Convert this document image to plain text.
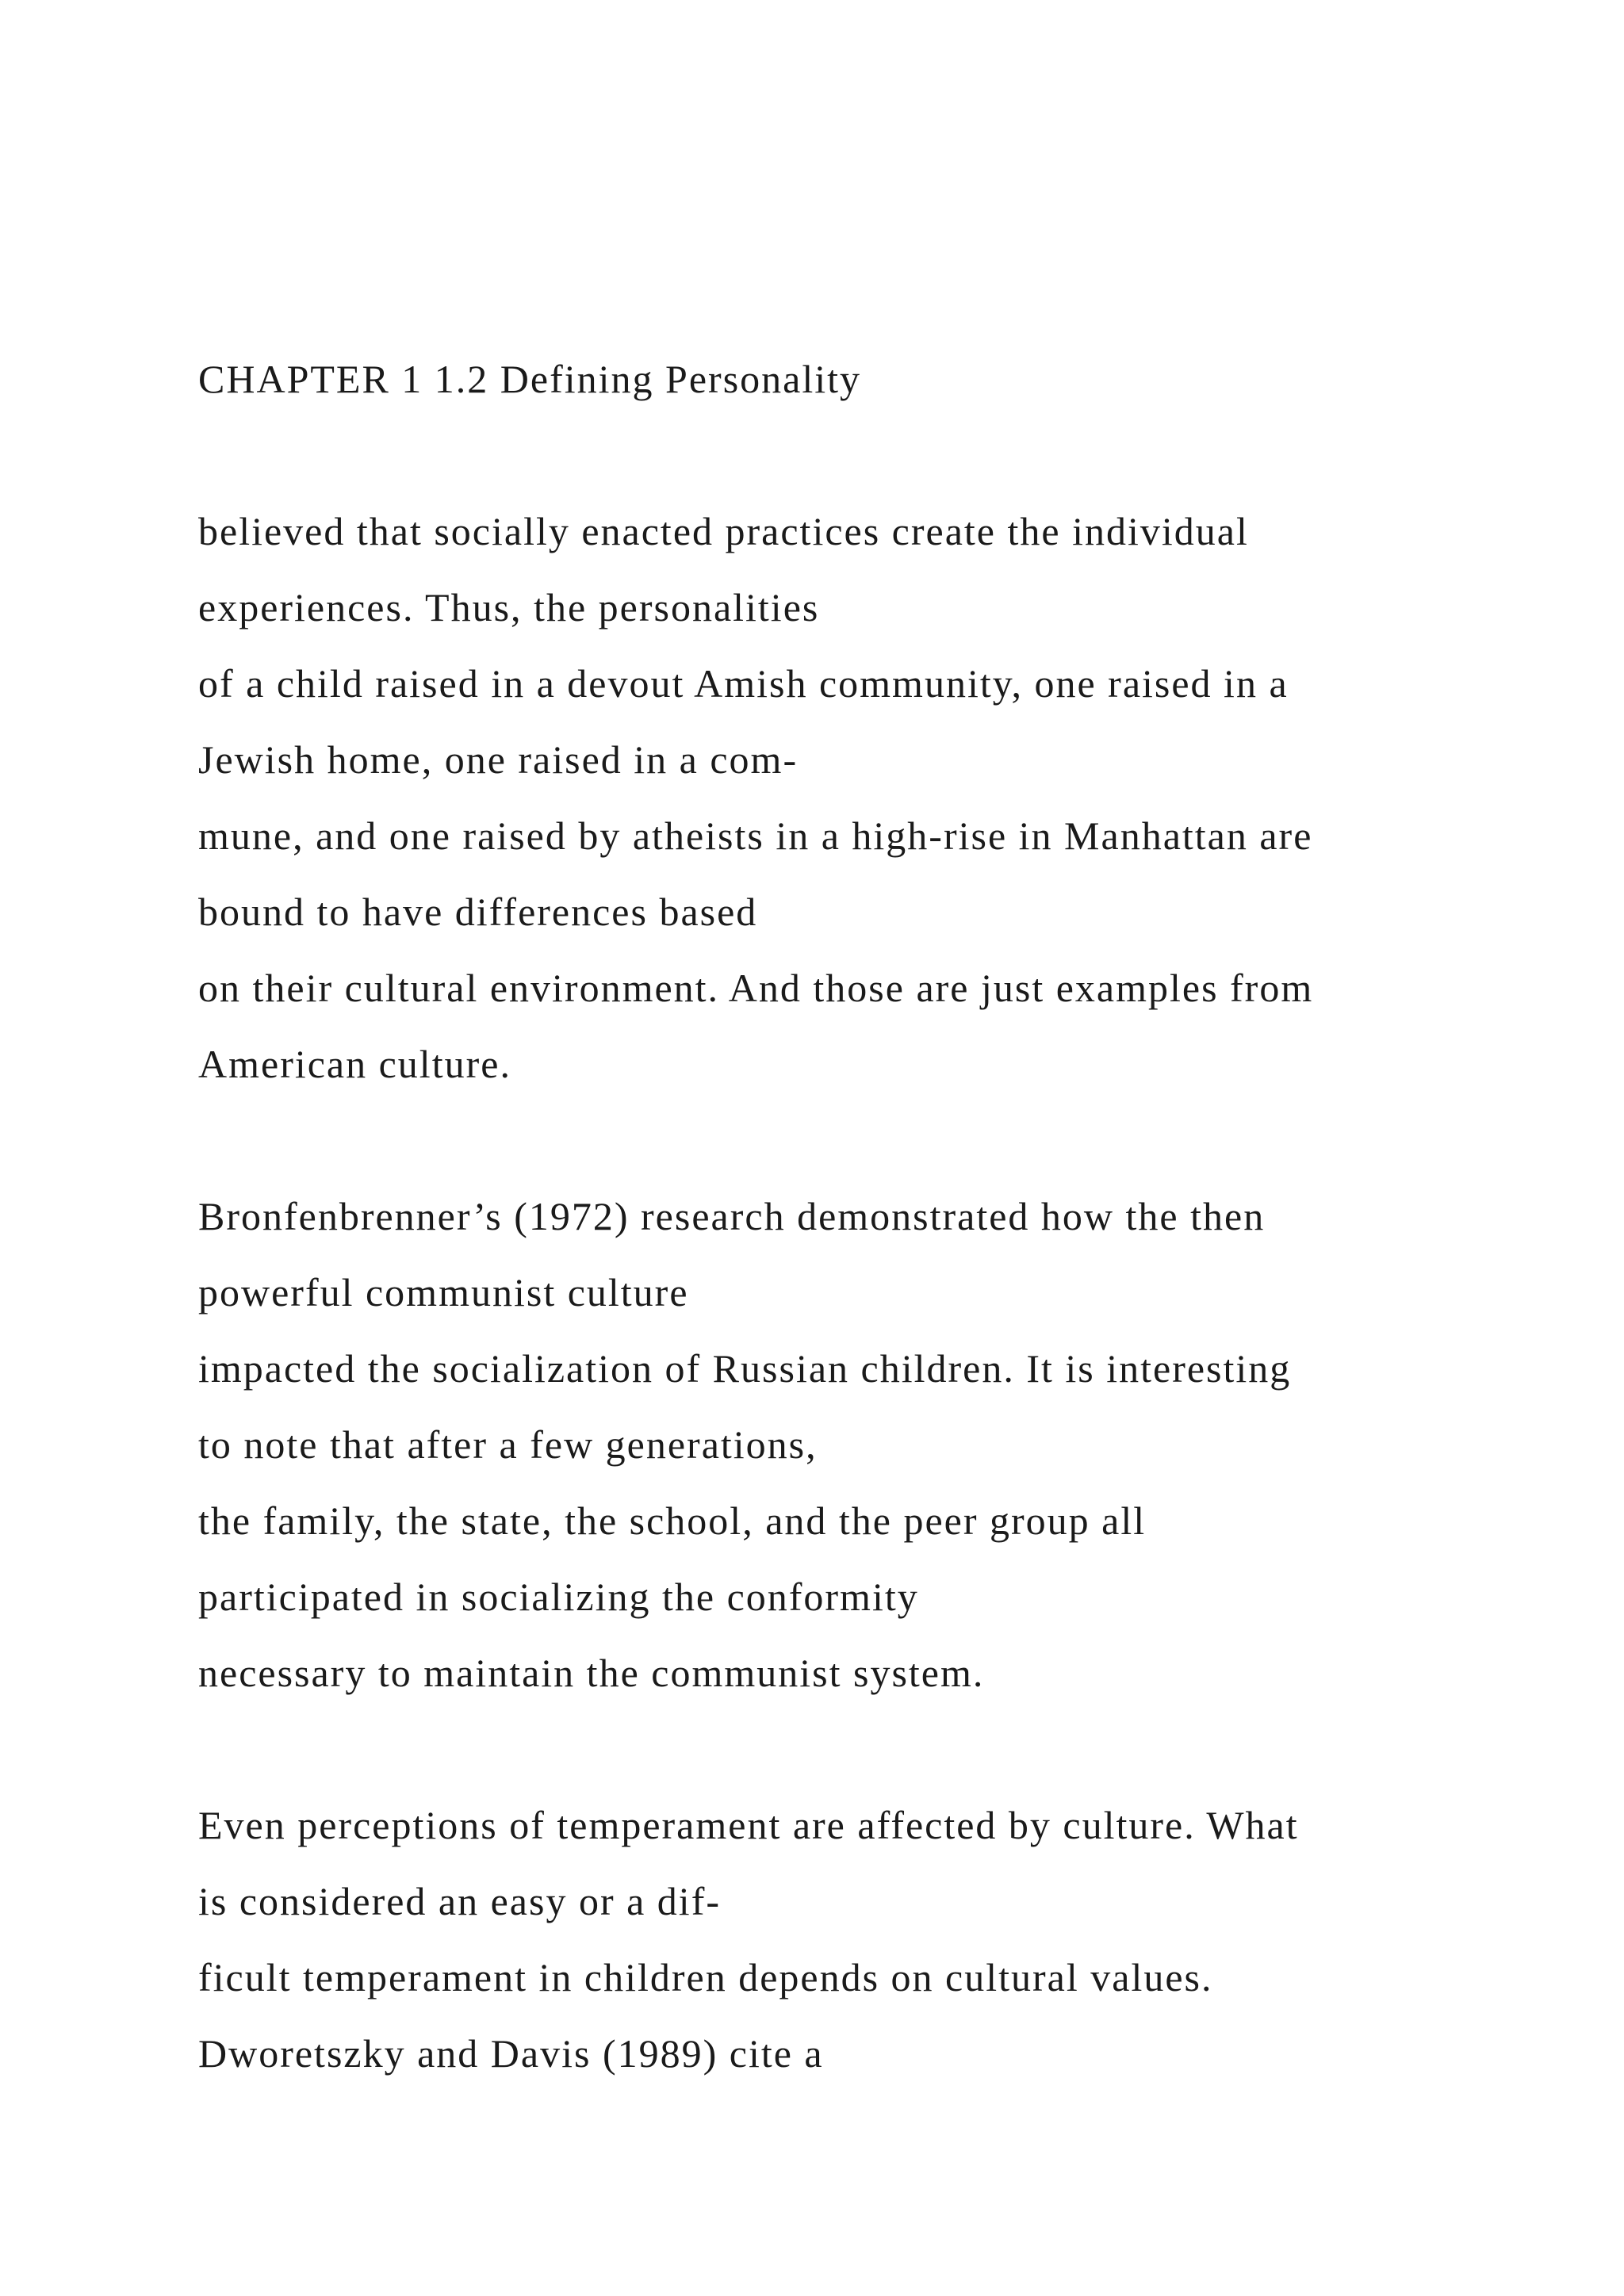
CHAPTER 1 1.2 Defining Personality
believed that socially enacted practices create the individual
experiences. Thus, the personalities
of a child raised in a devout Amish community, one raised in a
Jewish home, one raised in a com-
mune, and one raised by atheists in a high-rise in Manhattan are
bound to have differences based
on their cultural environment. And those are just examples from
American culture.
Bronfenbrenner’s (1972) research demonstrated how the then
powerful communist culture
impacted the socialization of Russian children. It is interesting
to note that after a few generations,
the family, the state, the school, and the peer group all
participated in socializing the conformity
necessary to maintain the communist system.
Even perceptions of temperament are affected by culture. What
is considered an easy or a dif-
ficult temperament in children depends on cultural values.
Dworetszky and Davis (1989) cite a
